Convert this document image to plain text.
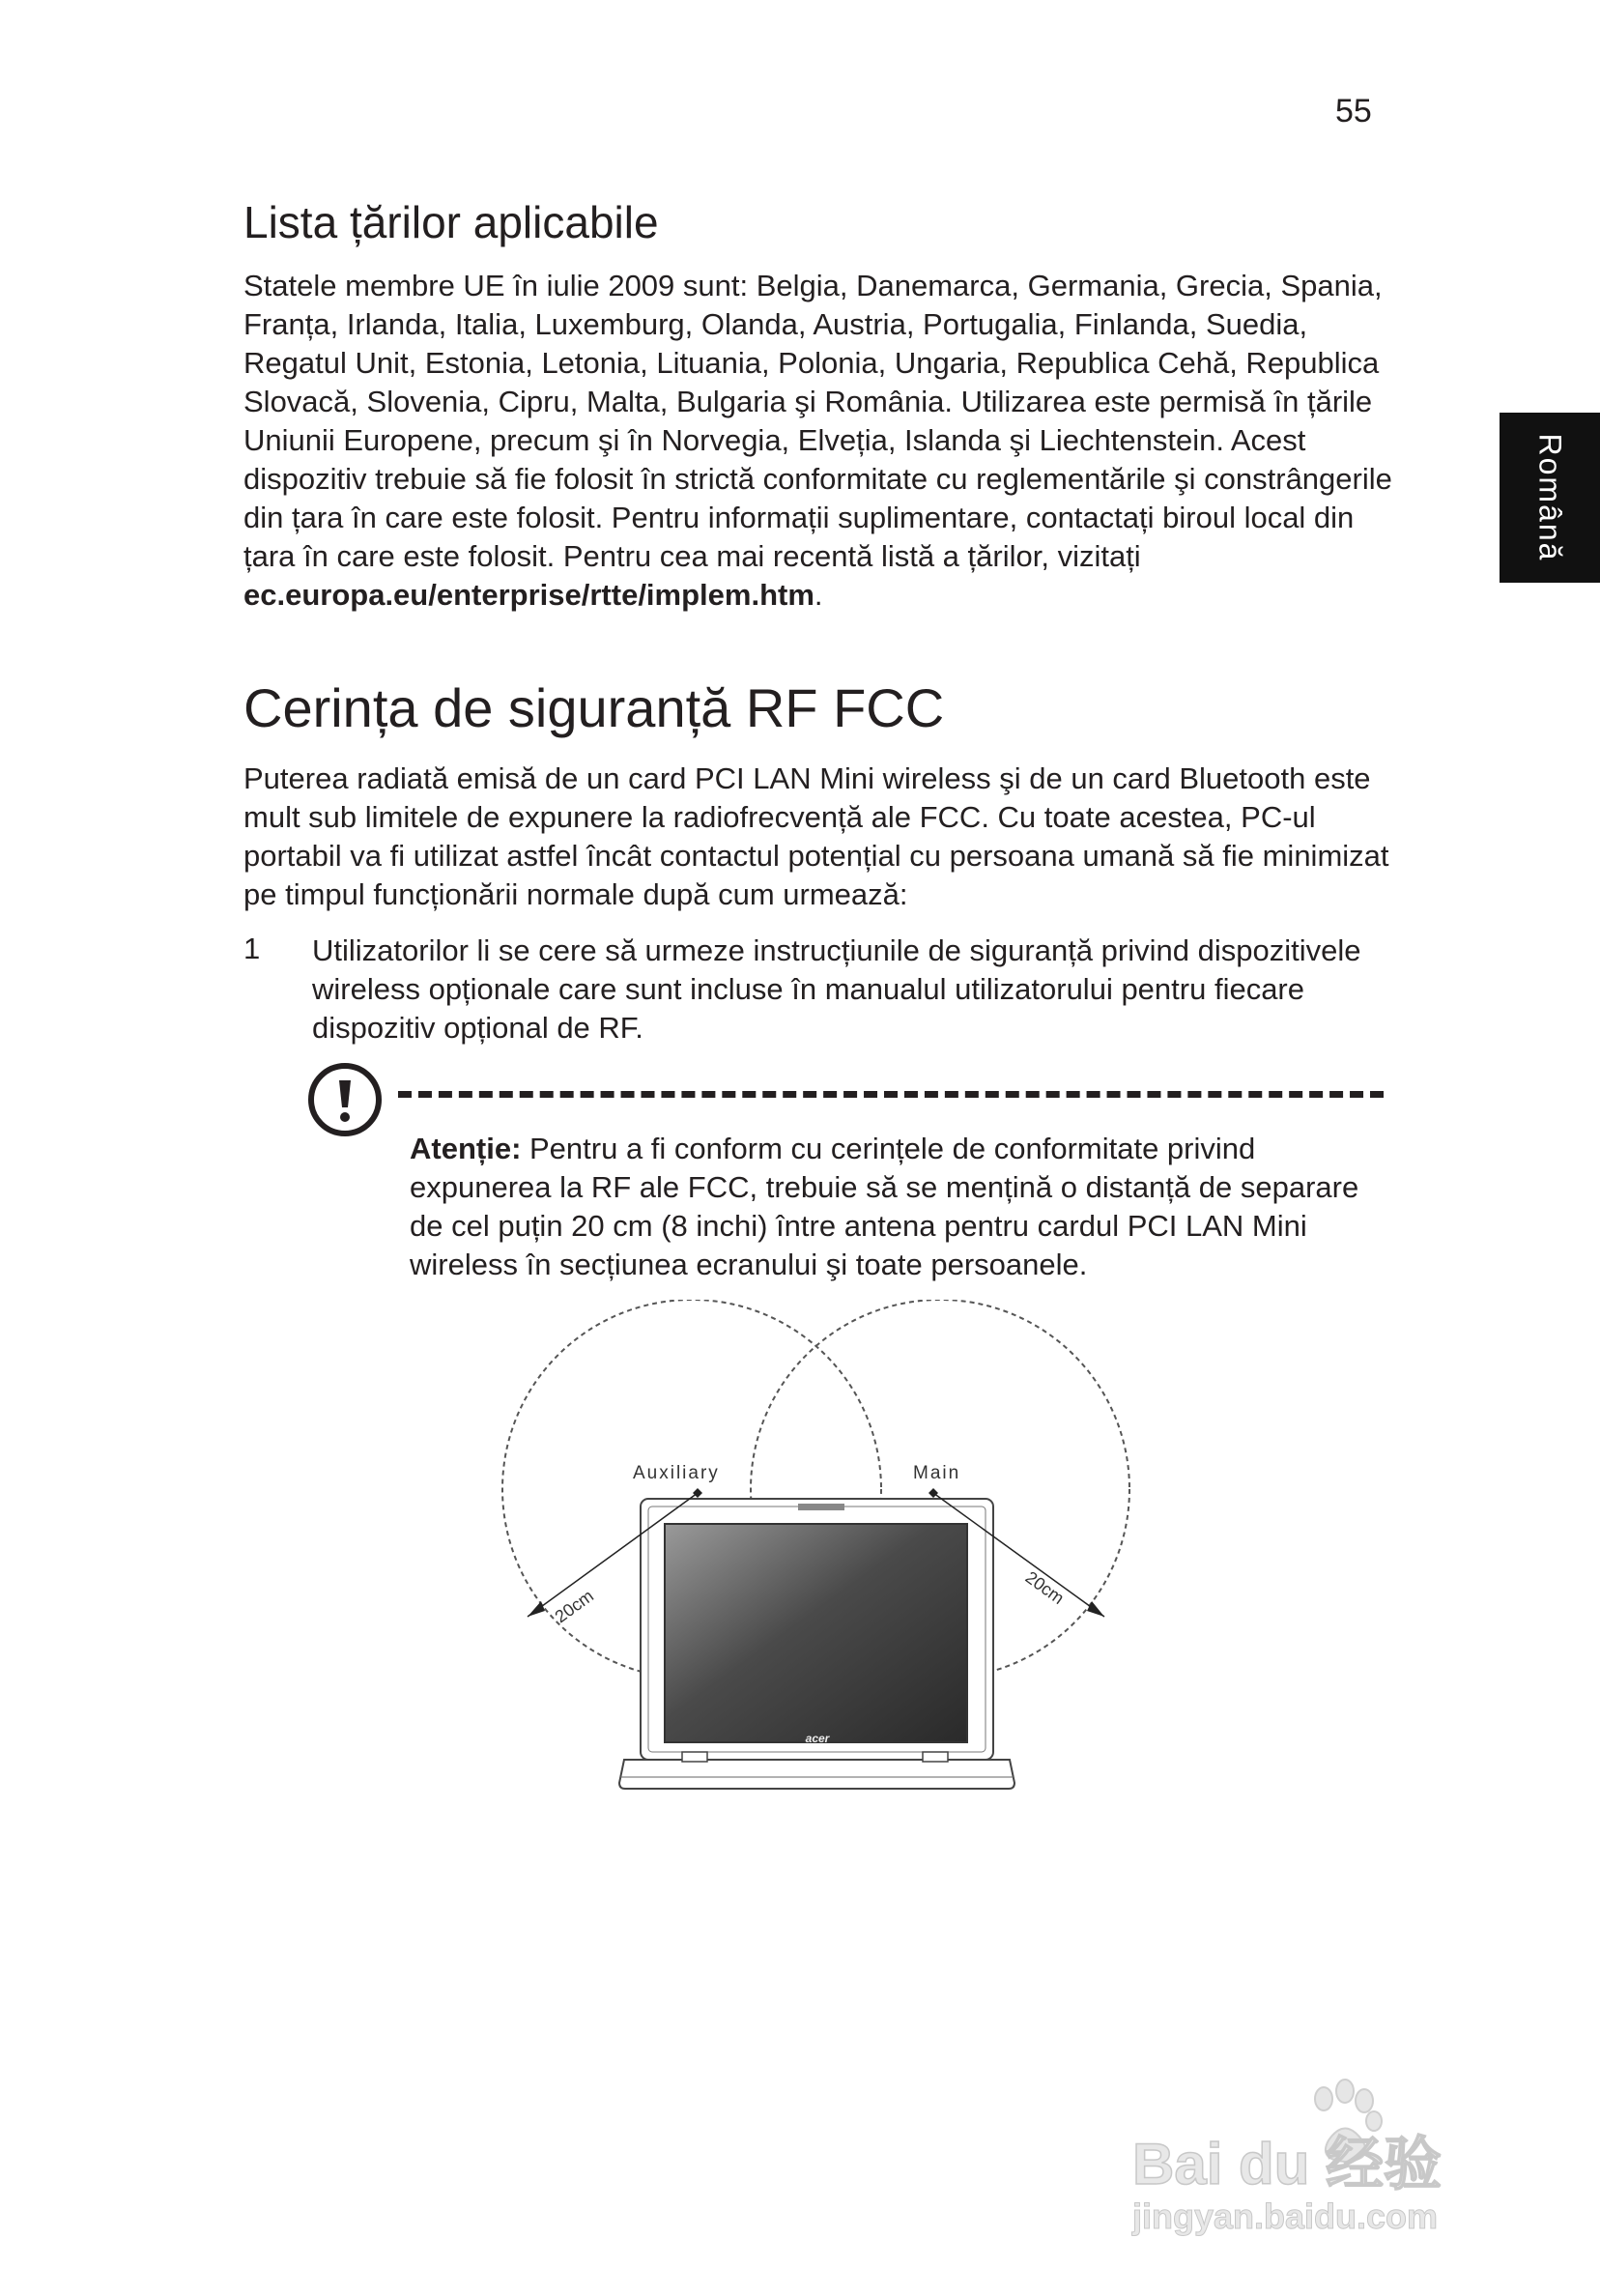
55
Română
Lista țărilor aplicabile

Statele membre UE în iulie 2009 sunt: Belgia, Danemarca, Germania, Grecia, Spania, Franța, Irlanda, Italia, Luxemburg, Olanda, Austria, Portugalia, Finlanda, Suedia, Regatul Unit, Estonia, Letonia, Lituania, Polonia, Ungaria, Republica Cehă, Republica Slovacă, Slovenia, Cipru, Malta, Bulgaria şi România. Utilizarea este permisă în țările Uniunii Europene, precum şi în Norvegia, Elveția, Islanda şi Liechtenstein. Acest dispozitiv trebuie să fie folosit în strictă conformitate cu reglementările şi constrângerile din țara în care este folosit. Pentru informații suplimentare, contactați biroul local din țara în care este folosit. Pentru cea mai recentă listă a țărilor, vizitați ec.europa.eu/enterprise/rtte/implem.htm.

Cerința de siguranță RF FCC

Puterea radiată emisă de un card PCI LAN Mini wireless şi de un card Bluetooth este mult sub limitele de expunere la radiofrecvență ale FCC. Cu toate acestea, PC-ul portabil va fi utilizat astfel încât contactul potențial cu persoana umană să fie minimizat pe timpul funcționării normale după cum urmează:

1 Utilizatorilor li se cere să urmeze instrucțiunile de siguranță privind dispozitivele wireless opționale care sunt incluse în manualul utilizatorului pentru fiecare dispozitiv opțional de RF.

Atenție: Pentru a fi conform cu cerințele de conformitate privind expunerea la RF ale FCC, trebuie să se mențină o distanță de separare de cel puțin 20 cm (8 inchi) între antena pentru cardul PCI LAN Mini wireless în secțiunea ecranului şi toate persoanele.

acer
Auxiliary	Main
20cm	20cm
Bai du 经验
jingyan.baidu.com
